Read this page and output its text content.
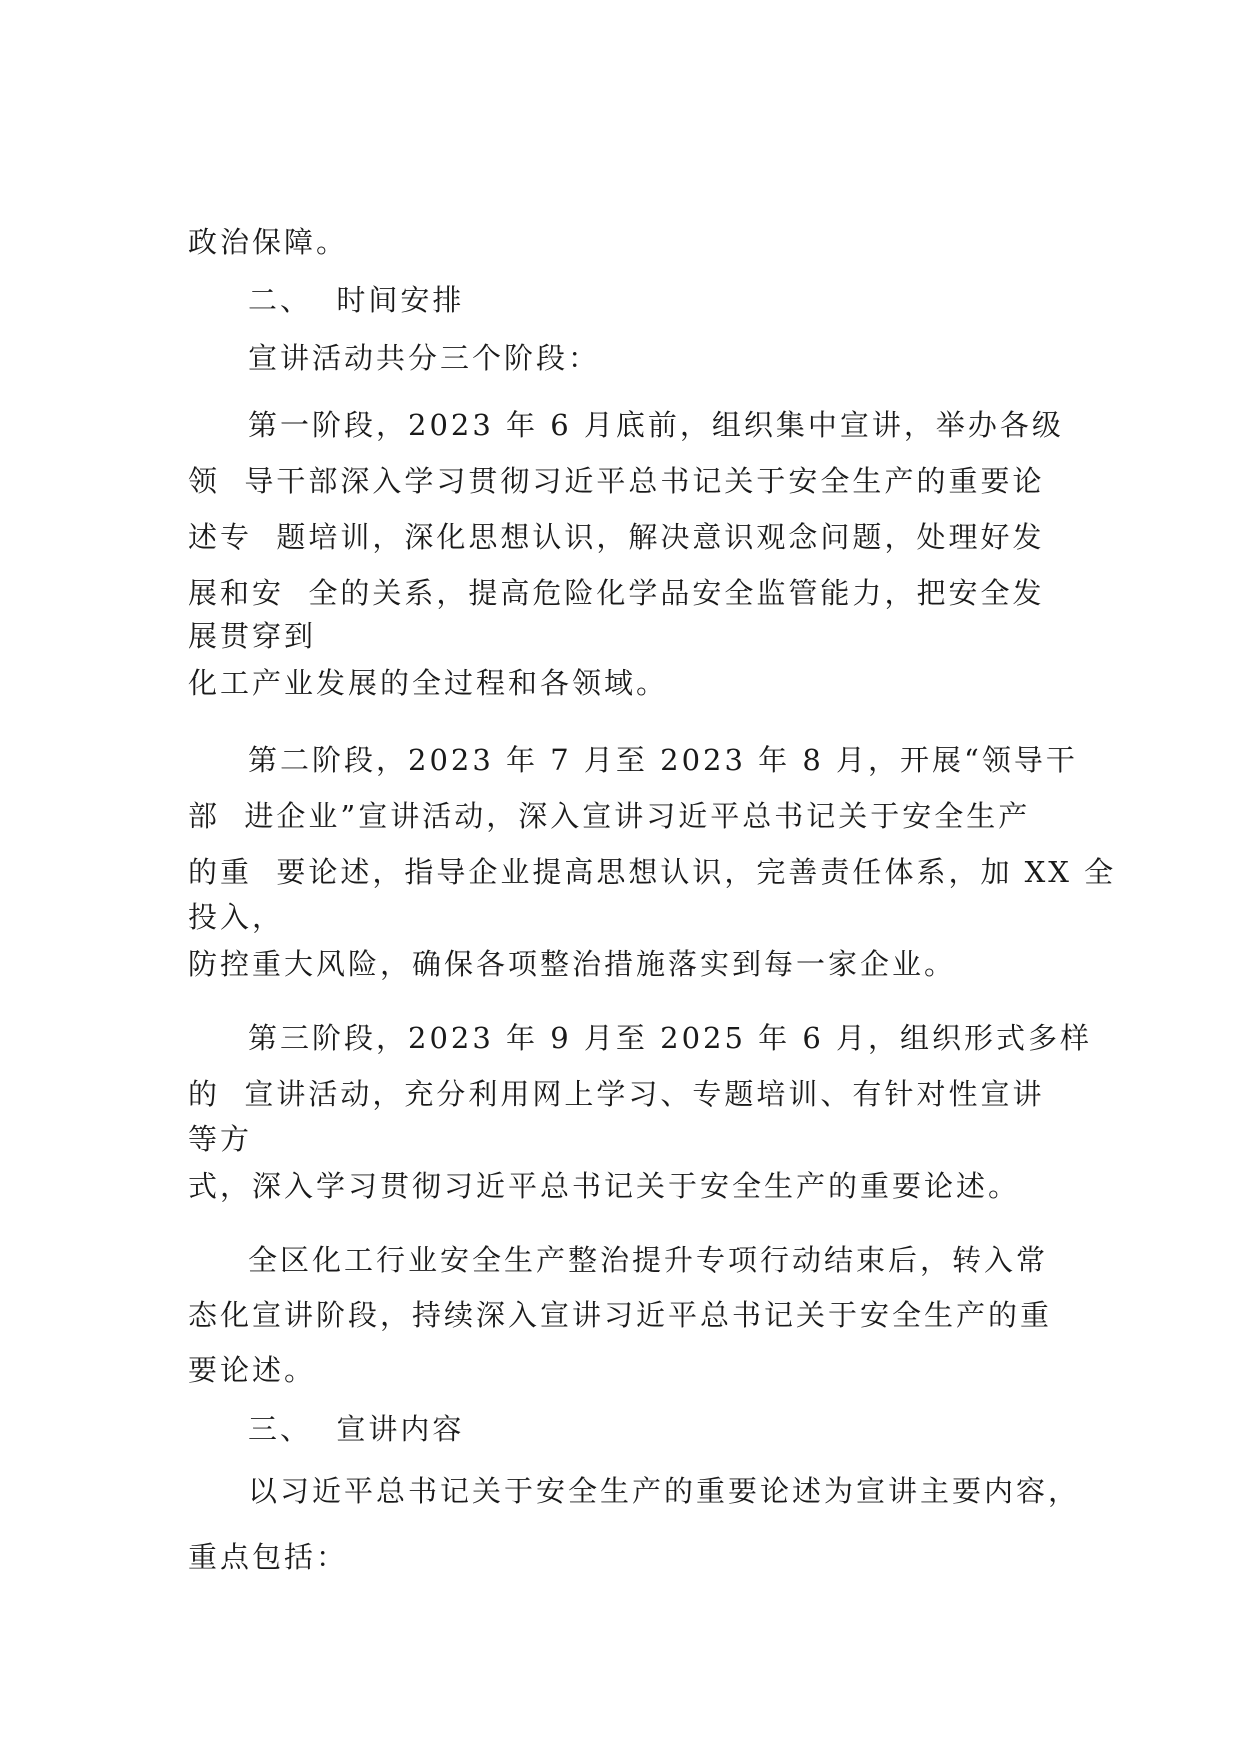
政治保障。
二、  时间安排
宣讲活动共分三个阶段：
第一阶段，2023 年 6 月底前，组织集中宣讲，举办各级
领  导干部深入学习贯彻习近平总书记关于安全生产的重要论
述专  题培训，深化思想认识，解决意识观念问题，处理好发
展和安  全的关系，提高危险化学品安全监管能力，把安全发
展贯穿到
化工产业发展的全过程和各领域。
第二阶段，2023 年 7 月至 2023 年 8 月，开展“领导干
部  进企业”宣讲活动，深入宣讲习近平总书记关于安全生产
的重  要论述，指导企业提高思想认识，完善责任体系，加 XX 全
投入，
防控重大风险，确保各项整治措施落实到每一家企业。
第三阶段，2023 年 9 月至 2025 年 6 月，组织形式多样
的  宣讲活动，充分利用网上学习、专题培训、有针对性宣讲
等方
式，深入学习贯彻习近平总书记关于安全生产的重要论述。
全区化工行业安全生产整治提升专项行动结束后，转入常
态化宣讲阶段，持续深入宣讲习近平总书记关于安全生产的重
要论述。
三、  宣讲内容
以习近平总书记关于安全生产的重要论述为宣讲主要内容，
重点包括：
